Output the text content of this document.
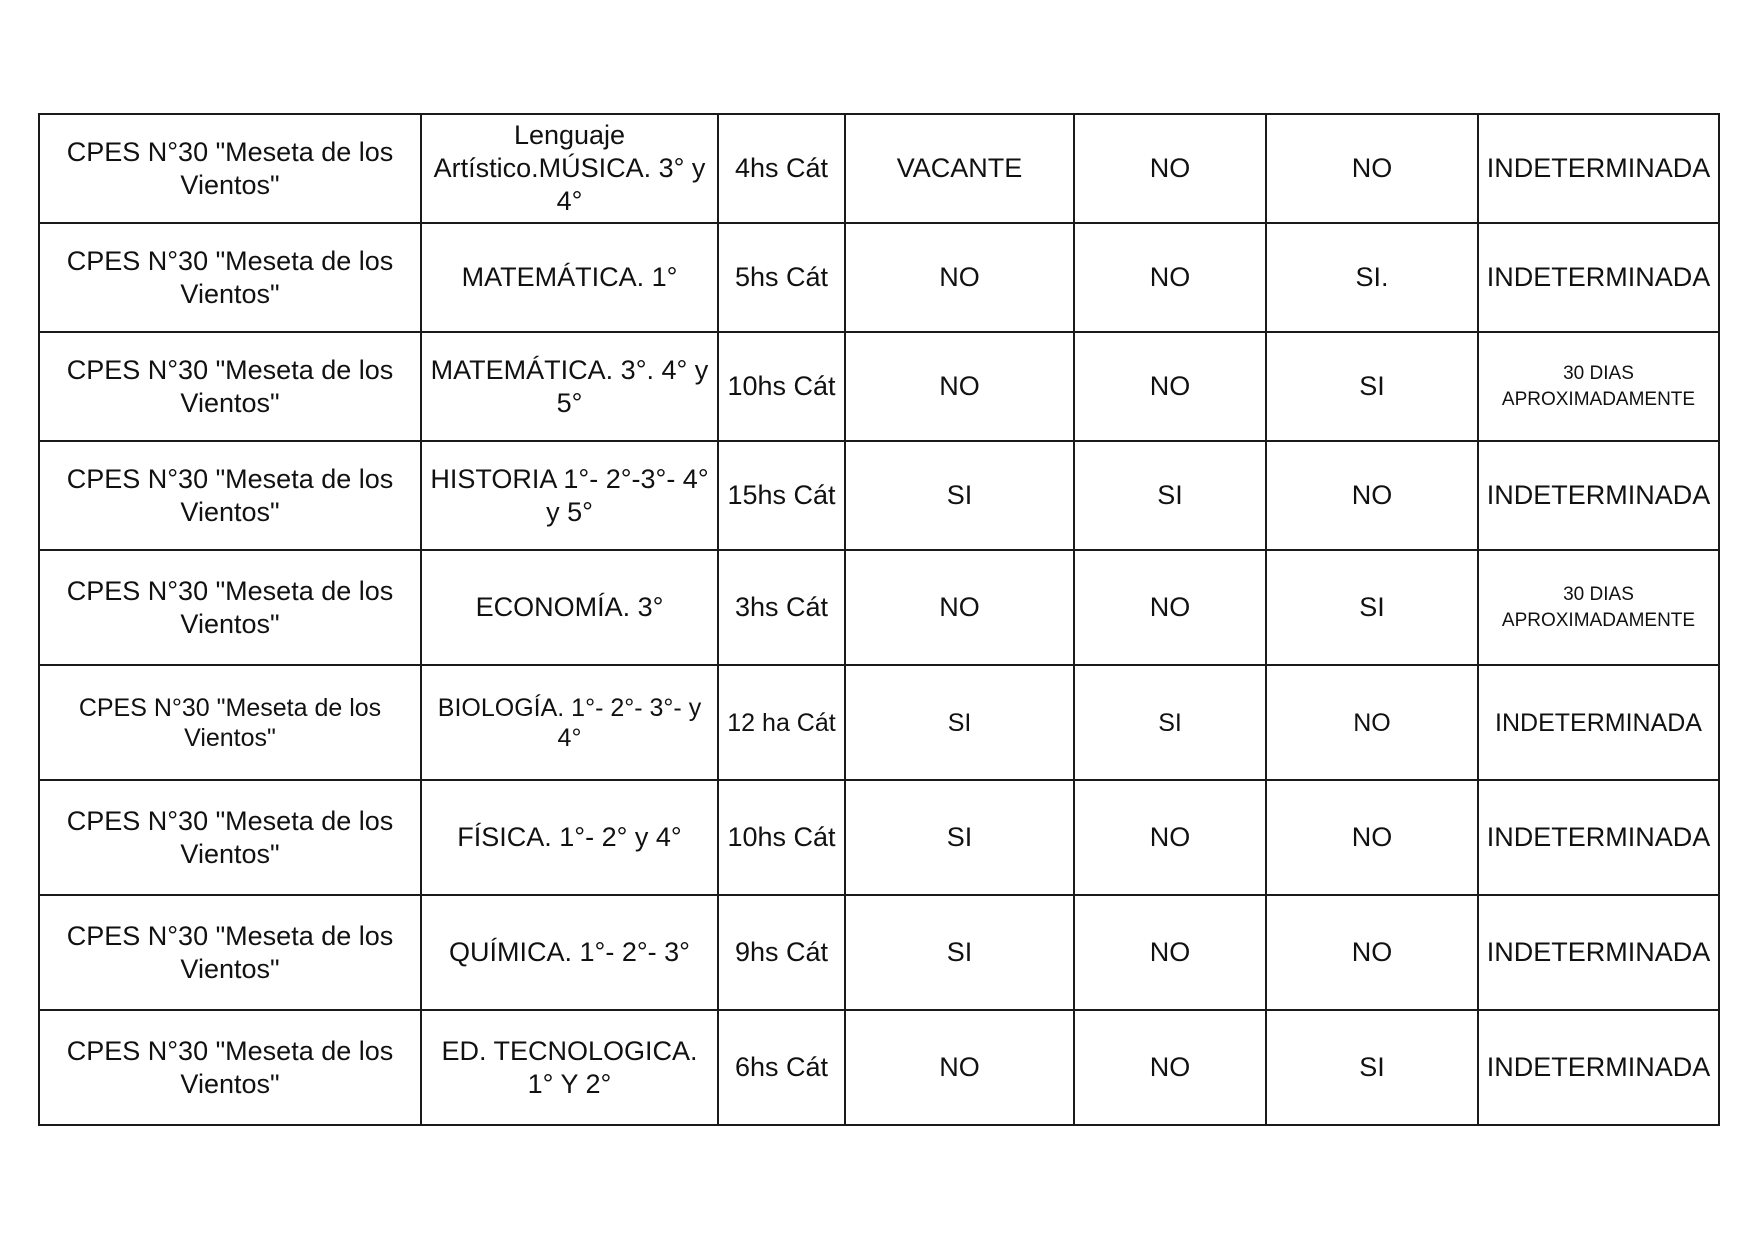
CPES N°30 "Meseta de los Vientos"	Lenguaje Artístico.MÚSICA. 3° y 4°	4hs Cát	VACANTE	NO	NO	INDETERMINADA
CPES N°30 "Meseta de los Vientos"	MATEMÁTICA. 1°	5hs Cát	NO	NO	SI.	INDETERMINADA
CPES N°30 "Meseta de los Vientos"	MATEMÁTICA. 3°. 4° y 5°	10hs Cát	NO	NO	SI	30 DIAS APROXIMADAMENTE
CPES N°30 "Meseta de los Vientos"	HISTORIA 1°- 2°-3°- 4° y 5°	15hs Cát	SI	SI	NO	INDETERMINADA
CPES N°30 "Meseta de los Vientos"	ECONOMÍA. 3°	3hs Cát	NO	NO	SI	30 DIAS APROXIMADAMENTE
CPES N°30 "Meseta de los Vientos"	BIOLOGÍA. 1°- 2°- 3°- y 4°	12 ha Cát	SI	SI	NO	INDETERMINADA
CPES N°30 "Meseta de los Vientos"	FÍSICA. 1°- 2° y 4°	10hs Cát	SI	NO	NO	INDETERMINADA
CPES N°30 "Meseta de los Vientos"	QUÍMICA. 1°- 2°- 3°	9hs Cát	SI	NO	NO	INDETERMINADA
CPES N°30 "Meseta de los Vientos"	ED. TECNOLOGICA. 1° Y 2°	6hs Cát	NO	NO	SI	INDETERMINADA
